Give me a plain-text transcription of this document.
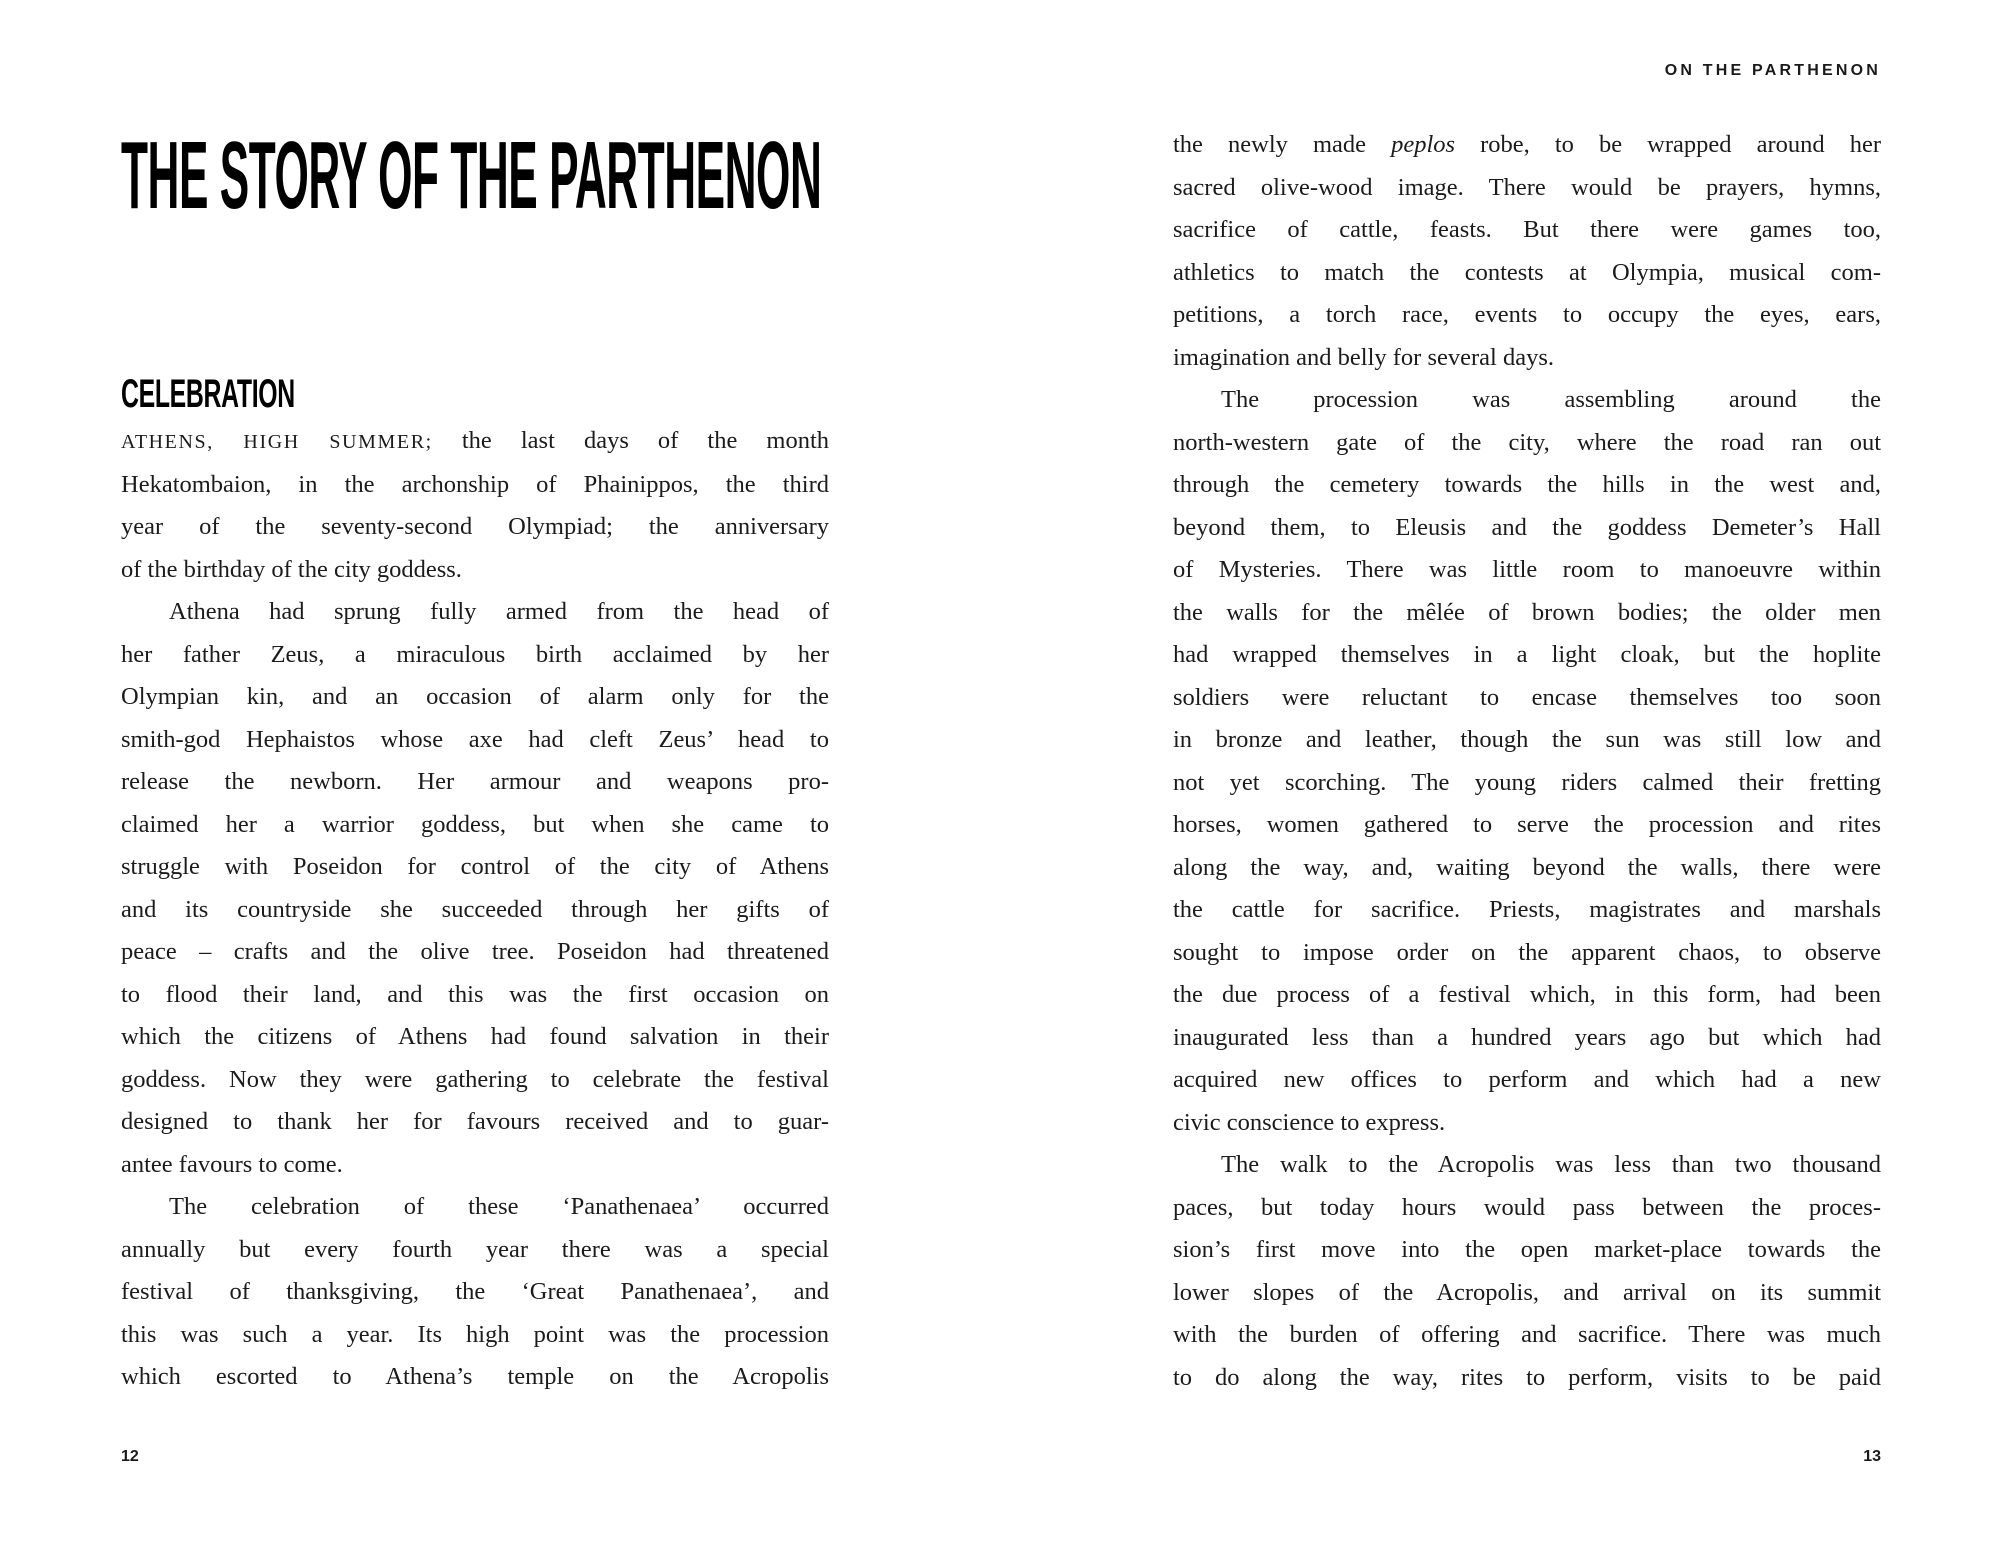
THE STORY OF THE PARTHENON
CELEBRATION
ATHENS, HIGH SUMMER; the last days of the month
Hekatombaion, in the archonship of Phainippos, the third
year of the seventy-second Olympiad; the anniversary
of the birthday of the city goddess.
Athena had sprung fully armed from the head of
her father Zeus, a miraculous birth acclaimed by her
Olympian kin, and an occasion of alarm only for the
smith-god Hephaistos whose axe had cleft Zeus’ head to
release the newborn. Her armour and weapons pro-
claimed her a warrior goddess, but when she came to
struggle with Poseidon for control of the city of Athens
and its countryside she succeeded through her gifts of
peace – crafts and the olive tree. Poseidon had threatened
to flood their land, and this was the first occasion on
which the citizens of Athens had found salvation in their
goddess. Now they were gathering to celebrate the festival
designed to thank her for favours received and to guar-
antee favours to come.
The celebration of these ‘Panathenaea’ occurred
annually but every fourth year there was a special
festival of thanksgiving, the ‘Great Panathenaea’, and
this was such a year. Its high point was the procession
which escorted to Athena’s temple on the Acropolis
12
ON THE PARTHENON
the newly made peplos robe, to be wrapped around her
sacred olive-wood image. There would be prayers, hymns,
sacrifice of cattle, feasts. But there were games too,
athletics to match the contests at Olympia, musical com-
petitions, a torch race, events to occupy the eyes, ears,
imagination and belly for several days.
The procession was assembling around the
north-western gate of the city, where the road ran out
through the cemetery towards the hills in the west and,
beyond them, to Eleusis and the goddess Demeter’s Hall
of Mysteries. There was little room to manoeuvre within
the walls for the mêlée of brown bodies; the older men
had wrapped themselves in a light cloak, but the hoplite
soldiers were reluctant to encase themselves too soon
in bronze and leather, though the sun was still low and
not yet scorching. The young riders calmed their fretting
horses, women gathered to serve the procession and rites
along the way, and, waiting beyond the walls, there were
the cattle for sacrifice. Priests, magistrates and marshals
sought to impose order on the apparent chaos, to observe
the due process of a festival which, in this form, had been
inaugurated less than a hundred years ago but which had
acquired new offices to perform and which had a new
civic conscience to express.
The walk to the Acropolis was less than two thousand
paces, but today hours would pass between the proces-
sion’s first move into the open market-place towards the
lower slopes of the Acropolis, and arrival on its summit
with the burden of offering and sacrifice. There was much
to do along the way, rites to perform, visits to be paid
13
